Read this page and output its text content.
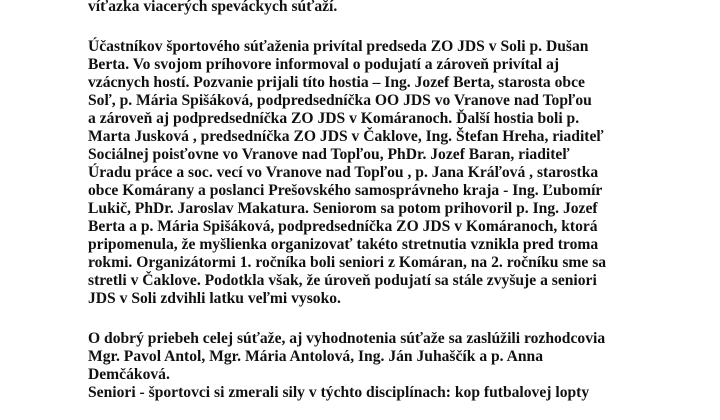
víťazka viacerých speváckych súťaží.
Účastníkov športového súťaženia privítal predseda ZO JDS v Soli p. Dušan
Berta. Vo svojom príhovore informoval o podujatí a zároveň privítal aj
vzácnych hostí. Pozvanie prijali títo hostia – Ing. Jozef Berta, starosta obce
Soľ, p. Mária Spišáková, podpredsedníčka OO JDS vo Vranove nad Topľou
a zároveň aj podpredsedníčka ZO JDS v Komáranoch. Ďalší hostia boli p.
Marta Jusková , predsedníčka ZO JDS v Čaklove, Ing. Štefan Hreha, riaditeľ
Sociálnej poisťovne vo Vranove nad Topľou, PhDr. Jozef Baran, riaditeľ
Úradu práce a soc. vecí vo Vranove nad Topľou , p. Jana Kráľová , starostka
obce Komárany a poslanci Prešovského samosprávneho kraja - Ing. Ľubomír
Lukič, PhDr. Jaroslav Makatura. Seniorom sa potom prihovoril p. Ing. Jozef
Berta a p. Mária Spišáková, podpredsedníčka ZO JDS v Komáranoch, ktorá
pripomenula, že myšlienka organizovať takéto stretnutia vznikla pred troma
rokmi. Organizátormi 1. ročníka boli seniori z Komáran, na 2. ročníku sme sa
stretli v Čaklove. Podotkla však, že úroveň podujatí sa stále zvyšuje a seniori
JDS v Soli zdvihli latku veľmi vysoko.
O dobrý priebeh celej súťaže, aj vyhodnotenia súťaže sa zaslúžili rozhodcovia
Mgr. Pavol Antol, Mgr. Mária Antolová, Ing. Ján Juhaščík a p. Anna
Demčáková.
Seniori - športovci si zmerali sily v týchto disciplínach: kop futbalovej lopty
